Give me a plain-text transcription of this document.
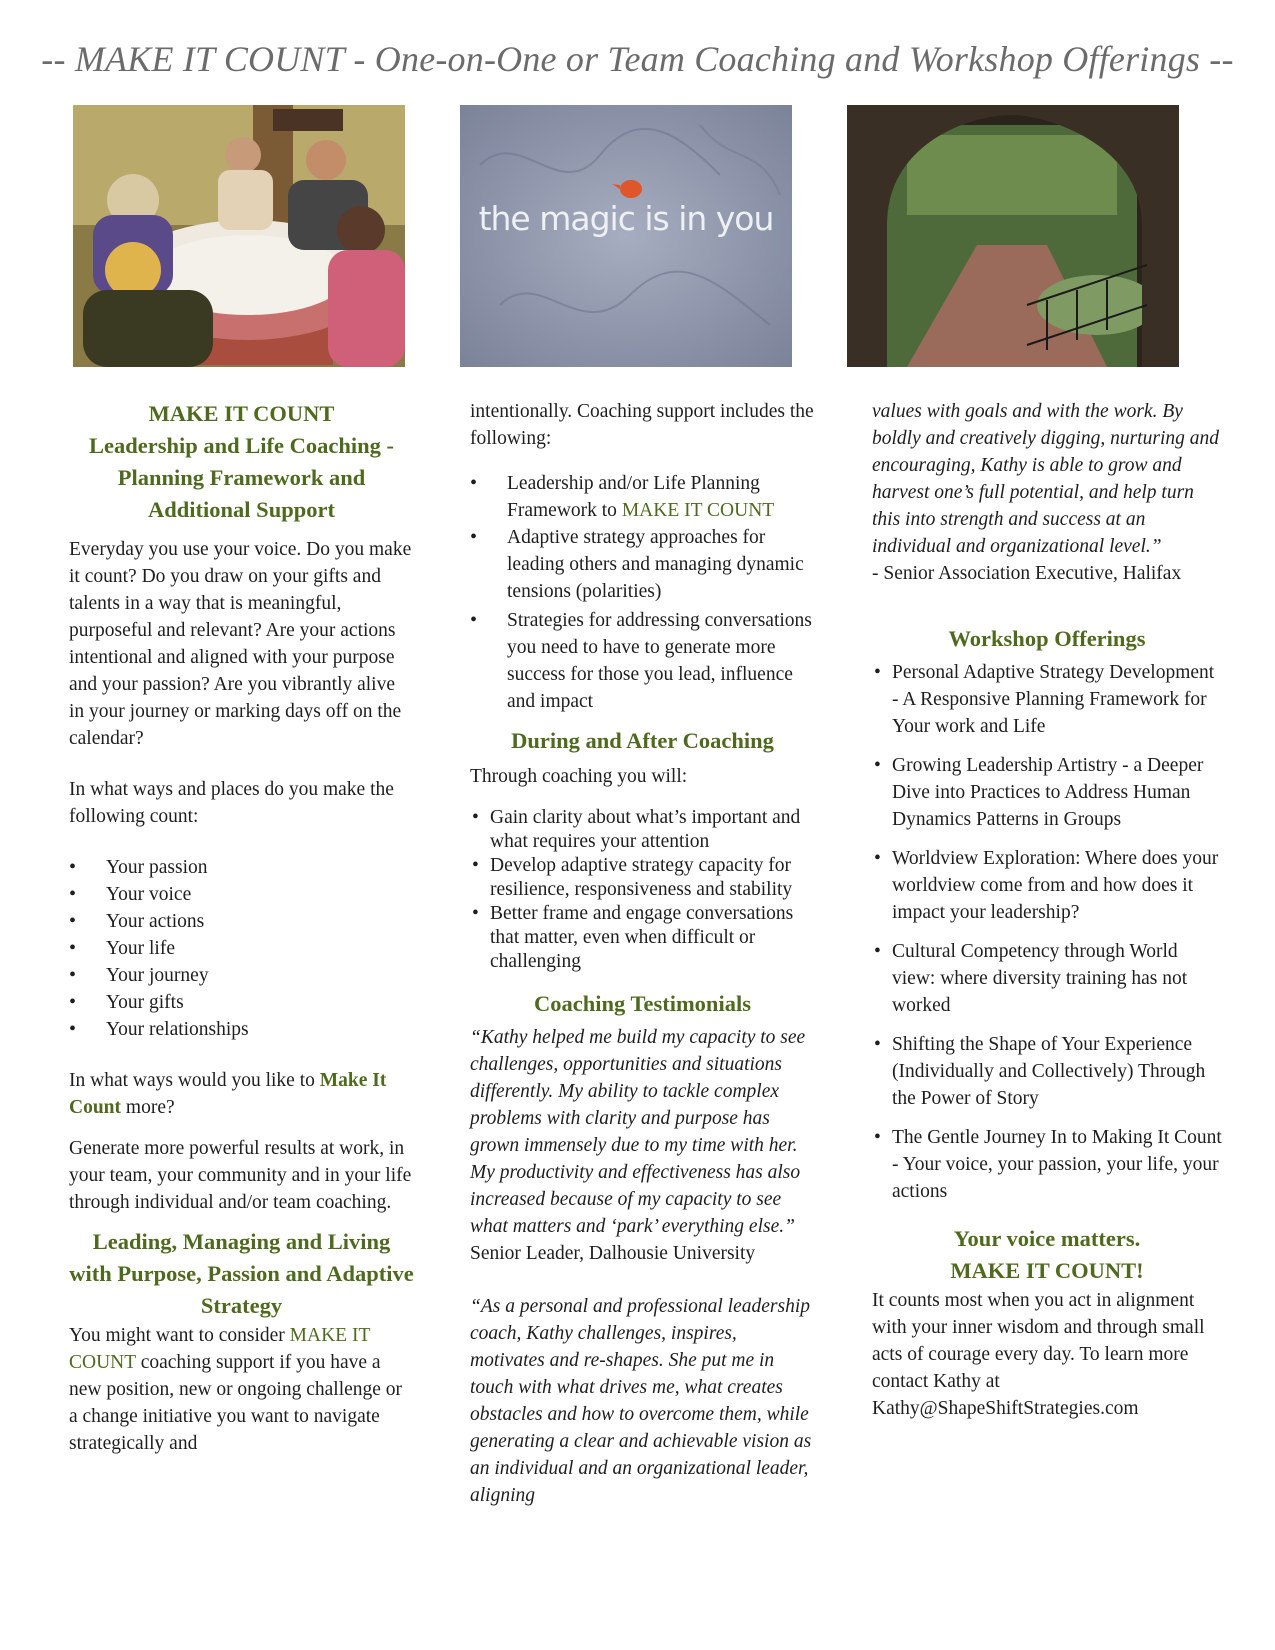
-- MAKE IT COUNT - One-on-One or Team Coaching and Workshop Offerings --
the magic is in you
MAKE IT COUNT
Leadership and Life Coaching - Planning Framework and Additional Support

Everyday you use your voice. Do you make it count? Do you draw on your gifts and talents in a way that is meaningful, purposeful and relevant? Are your actions intentional and aligned with your purpose and your passion? Are you vibrantly alive in your journey or marking days off on the calendar?

In what ways and places do you make the following count:

• Your passion
• Your voice
• Your actions
• Your life
• Your journey
• Your gifts
• Your relationships

In what ways would you like to Make It Count more?

Generate more powerful results at work, in your team, your community and in your life through individual and/or team coaching.

Leading, Managing and Living with Purpose, Passion and Adaptive Strategy

You might want to consider MAKE IT COUNT coaching support if you have a new position, new or ongoing challenge or a change initiative you want to navigate strategically and

intentionally. Coaching support includes the following:

• Leadership and/or Life Planning Framework to MAKE IT COUNT
• Adaptive strategy approaches for leading others and managing dynamic tensions (polarities)
• Strategies for addressing conversations you need to have to generate more success for those you lead, influence and impact
During and After Coaching

Through coaching you will:

• Gain clarity about what’s important and what requires your attention
• Develop adaptive strategy capacity for resilience, responsiveness and stability
• Better frame and engage conversations that matter, even when difficult or challenging
Coaching Testimonials

“Kathy helped me build my capacity to see challenges, opportunities and situations differently. My ability to tackle complex problems with clarity and purpose has grown immensely due to my time with her. My productivity and effectiveness has also increased because of my capacity to see what matters and ‘park’ everything else.” Senior Leader, Dalhousie University

“As a personal and professional leadership coach, Kathy challenges, inspires, motivates and re-shapes. She put me in touch with what drives me, what creates obstacles and how to overcome them, while generating a clear and achievable vision as an individual and an organizational leader, aligning

values with goals and with the work. By boldly and creatively digging, nurturing and encouraging, Kathy is able to grow and harvest one’s full potential, and help turn this into strength and success at an individual and organizational level.”

- Senior Association Executive, Halifax

Workshop Offerings
• Personal Adaptive Strategy Development - A Responsive Planning Framework for Your work and Life
• Growing Leadership Artistry - a Deeper Dive into Practices to Address Human Dynamics Patterns in Groups
• Worldview Exploration: Where does your worldview come from and how does it impact your leadership?
• Cultural Competency through World view: where diversity training has not worked
• Shifting the Shape of Your Experience (Individually and Collectively) Through the Power of Story
• The Gentle Journey In to Making It Count - Your voice, your passion, your life, your actions
Your voice matters.
MAKE IT COUNT!

It counts most when you act in alignment with your inner wisdom and through small acts of courage every day. To learn more contact Kathy at Kathy@ShapeShiftStrategies.com
